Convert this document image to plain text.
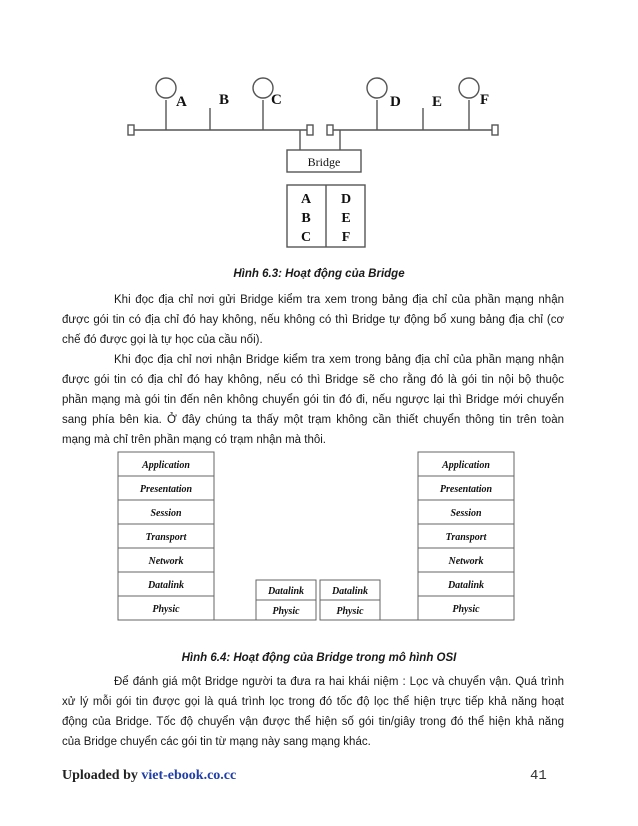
A B	C	D E	F
Bridge
A D
B E
C F
Hình 6.3: Hoạt động của Bridge
Khi đọc địa chỉ nơi gửi Bridge kiểm tra xem trong bảng địa chỉ của phần mạng nhận
được gói tin có địa chỉ đó hay không, nếu không có thì Bridge tự động bổ xung bảng địa chỉ (cơ
chế đó được gọi là tự học của cầu nối).
Khi đọc địa chỉ nơi nhận Bridge kiểm tra xem trong bảng địa chỉ của phần mạng nhận
được gói tin có địa chỉ đó hay không, nếu có thì Bridge sẽ cho rằng đó là gói tin nội bộ thuộc
phần mạng mà gói tin đến nên không chuyển gói tin đó đi, nếu ngược lại thì Bridge mới chuyển
sang phía bên kia. Ở đây chúng ta thấy một trạm không cần thiết chuyển thông tin trên toàn
mạng mà chỉ trên phần mạng có trạm nhận mà thôi.
Application
Presentation
Session
Transport
Network
Datalink
Physic
Application
Presentation
Session
Transport
Network
Datalink
Physic
Datalink
Physic
Datalink
Physic
Hình 6.4: Hoạt động của Bridge trong mô hình OSI
Để đánh giá một Bridge người ta đưa ra hai khái niệm : Lọc và chuyển vận. Quá trình
xử lý mỗi gói tin được gọi là quá trình lọc trong đó tốc độ lọc thể hiện trực tiếp khả năng hoạt
động của Bridge. Tốc độ chuyển vận được thể hiện số gói tin/giây trong đó thể hiện khả năng
của Bridge chuyển các gói tin từ mạng này sang mạng khác.
Uploaded by viet-ebook.co.cc	41
